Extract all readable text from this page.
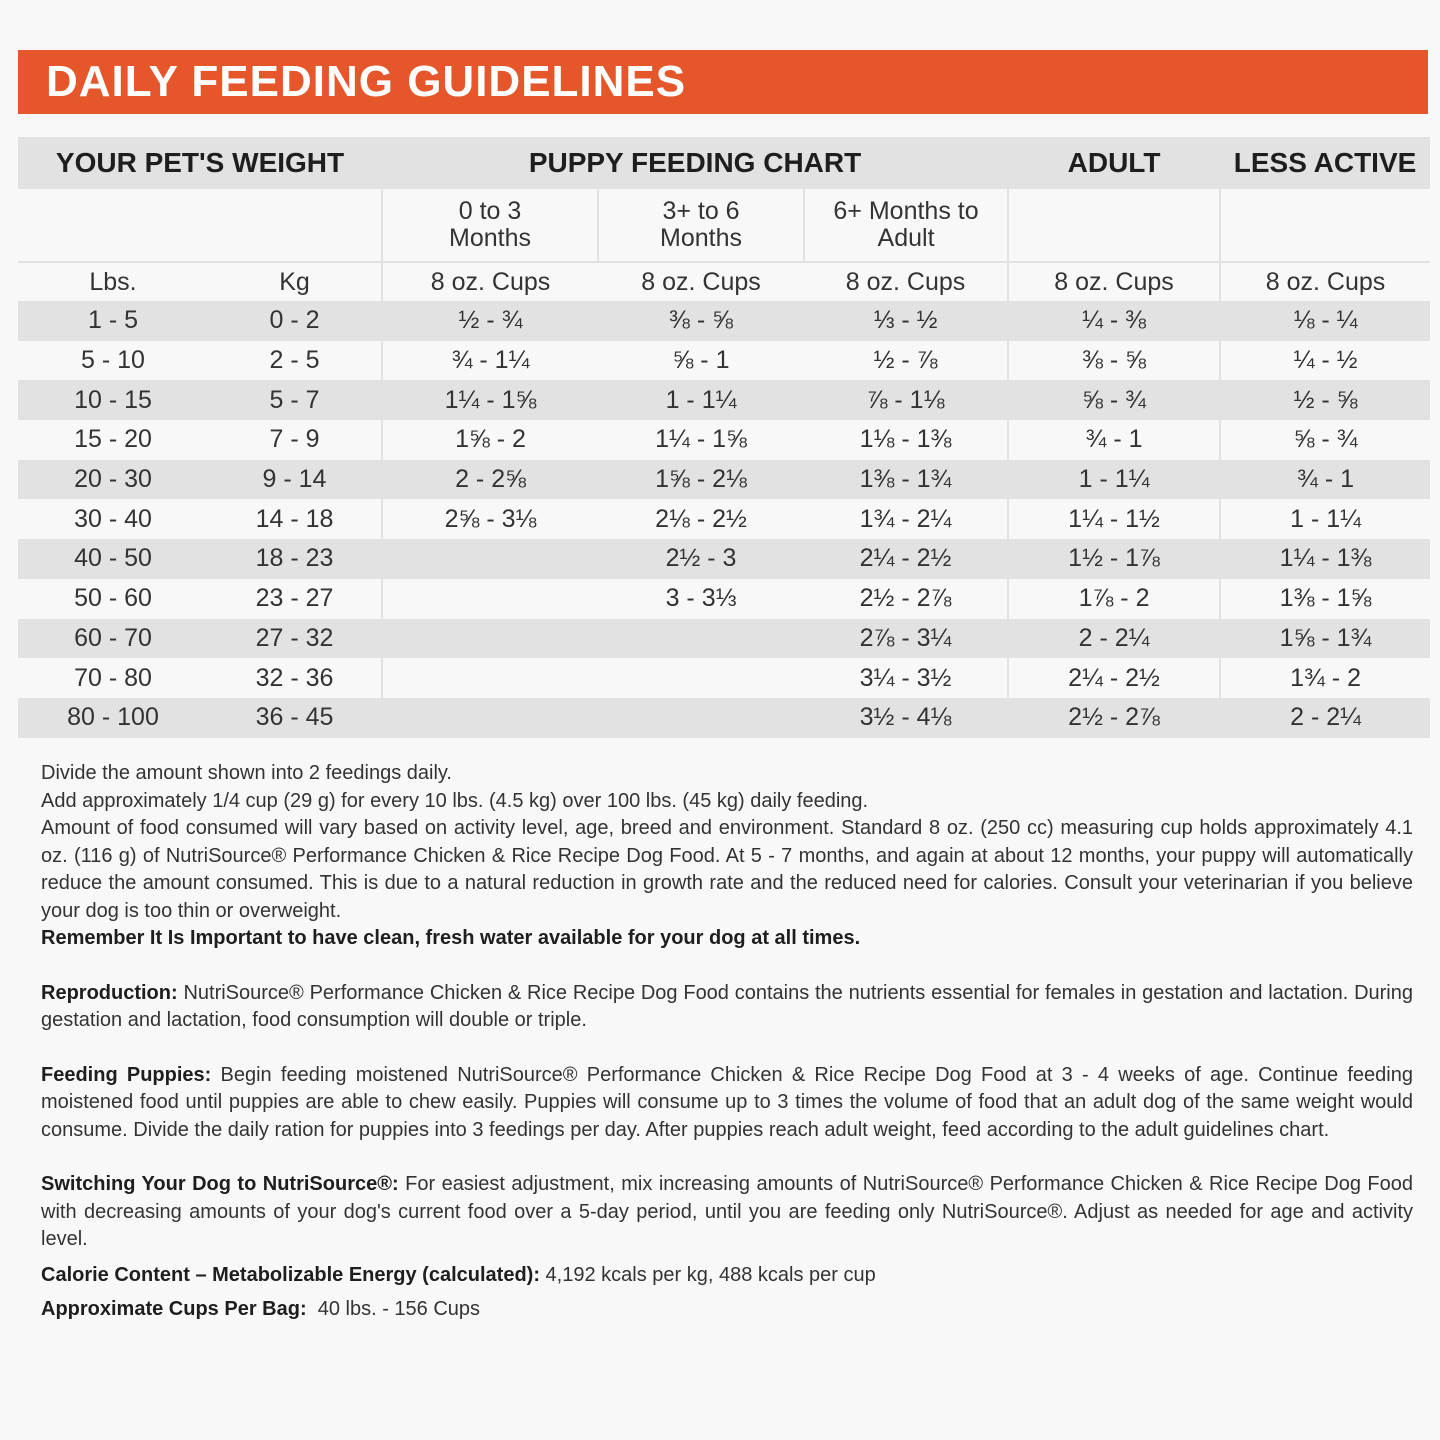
DAILY FEEDING GUIDELINES
YOUR PET'S WEIGHT		PUPPY FEEDING CHART			ADULT	LESS ACTIVE

		0 to 3 Months	3+ to 6 Months	6+ Months to Adult		

Lbs.	Kg	8 oz. Cups	8 oz. Cups	8 oz. Cups	8 oz. Cups	8 oz. Cups
1 - 5	0 - 2	½ - ¾	⅜ - ⅝	⅓ - ½	¼ - ⅜	⅛ - ¼
5 - 10	2 - 5	¾ - 1¼	⅝ - 1	½ - ⅞	⅜ - ⅝	¼ - ½
10 - 15	5 - 7	1¼ - 1⅝	1 - 1¼	⅞ - 1⅛	⅝ - ¾	½ - ⅝
15 - 20	7 - 9	1⅝ - 2	1¼ - 1⅝	1⅛ - 1⅜	¾ - 1	⅝ - ¾
20 - 30	9 - 14	2 - 2⅝	1⅝ - 2⅛	1⅜ - 1¾	1 - 1¼	¾ - 1
30 - 40	14 - 18	2⅝ - 3⅛	2⅛ - 2½	1¾ - 2¼	1¼ - 1½	1 - 1¼
40 - 50	18 - 23		2½ - 3	2¼ - 2½	1½ - 1⅞	1¼ - 1⅜
50 - 60	23 - 27		3 - 3⅓	2½ - 2⅞	1⅞ - 2	1⅜ - 1⅝
60 - 70	27 - 32			2⅞ - 3¼	2 - 2¼	1⅝ - 1¾
70 - 80	32 - 36			3¼ - 3½	2¼ - 2½	1¾ - 2
80 - 100	36 - 45			3½ - 4⅛	2½ - 2⅞	2 - 2¼

Divide the amount shown into 2 feedings daily.

Add approximately 1/4 cup (29 g) for every 10 lbs. (4.5 kg) over 100 lbs. (45 kg) daily feeding.

Amount of food consumed will vary based on activity level, age, breed and environment. Standard 8 oz. (250 cc) measuring cup holds approximately 4.1 oz. (116 g) of NutriSource® Performance Chicken & Rice Recipe Dog Food. At 5 - 7 months, and again at about 12 months, your puppy will automatically reduce the amount consumed. This is due to a natural reduction in growth rate and the reduced need for calories. Consult your veterinarian if you believe your dog is too thin or overweight.

Remember It Is Important to have clean, fresh water available for your dog at all times.

Reproduction: NutriSource® Performance Chicken & Rice Recipe Dog Food contains the nutrients essential for females in gestation and lactation. During gestation and lactation, food consumption will double or triple.

Feeding Puppies: Begin feeding moistened NutriSource® Performance Chicken & Rice Recipe Dog Food at 3 - 4 weeks of age. Continue feeding moistened food until puppies are able to chew easily. Puppies will consume up to 3 times the volume of food that an adult dog of the same weight would consume. Divide the daily ration for puppies into 3 feedings per day. After puppies reach adult weight, feed according to the adult guidelines chart.

Switching Your Dog to NutriSource®: For easiest adjustment, mix increasing amounts of NutriSource® Performance Chicken & Rice Recipe Dog Food with decreasing amounts of your dog's current food over a 5-day period, until you are feeding only NutriSource®. Adjust as needed for age and activity level.

Calorie Content – Metabolizable Energy (calculated): 4,192 kcals per kg, 488 kcals per cup

Approximate Cups Per Bag:  40 lbs. - 156 Cups
